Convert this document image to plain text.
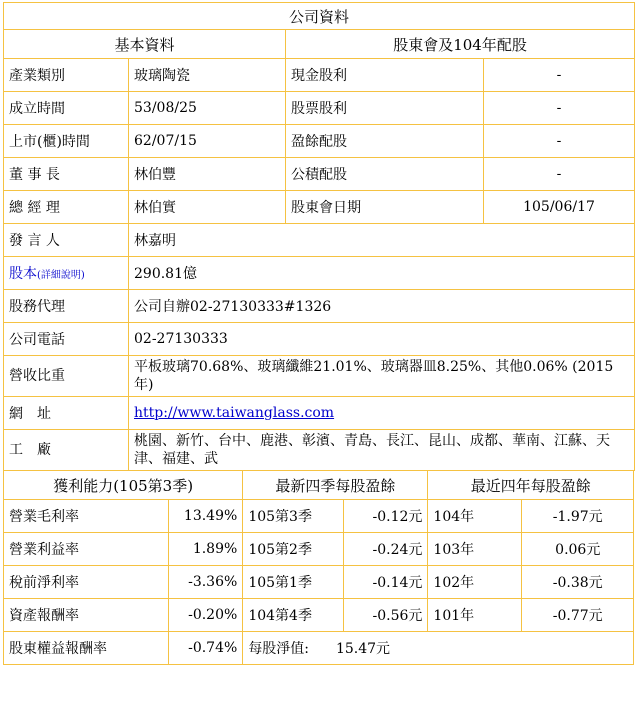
公司資料			
基本資料		股東會及104年配股	
產業類別	玻璃陶瓷	現金股利	-
成立時間	53/08/25	股票股利	-
上市(櫃)時間	62/07/15	盈餘配股	-
董 事 長	林伯豐	公積配股	-
總 經 理	林伯實	股東會日期	105/06/17
發 言 人	林嘉明		
股本(詳細說明)	290.81億		
股務代理	公司自辦02-27130333#1326		
公司電話	02-27130333		
營收比重	平板玻璃70.68%、玻璃纖維21.01%、玻璃器皿8.25%、其他0.06% (2015年)		
網　址	http://www.taiwanglass.com		
工　廠	桃園、新竹、台中、鹿港、彰濱、青島、長江、昆山、成都、華南、江蘇、天津、福建、武		
獲利能力(105第3季)		最新四季每股盈餘		最近四年每股盈餘	
營業毛利率	13.49%	105第3季	-0.12元	104年	-1.97元
營業利益率	1.89%	105第2季	-0.24元	103年	0.06元
稅前淨利率	-3.36%	105第1季	-0.14元	102年	-0.38元
資產報酬率	-0.20%	104第4季	-0.56元	101年	-0.77元
股東權益報酬率	-0.74%	每股淨值: 15.47元			
